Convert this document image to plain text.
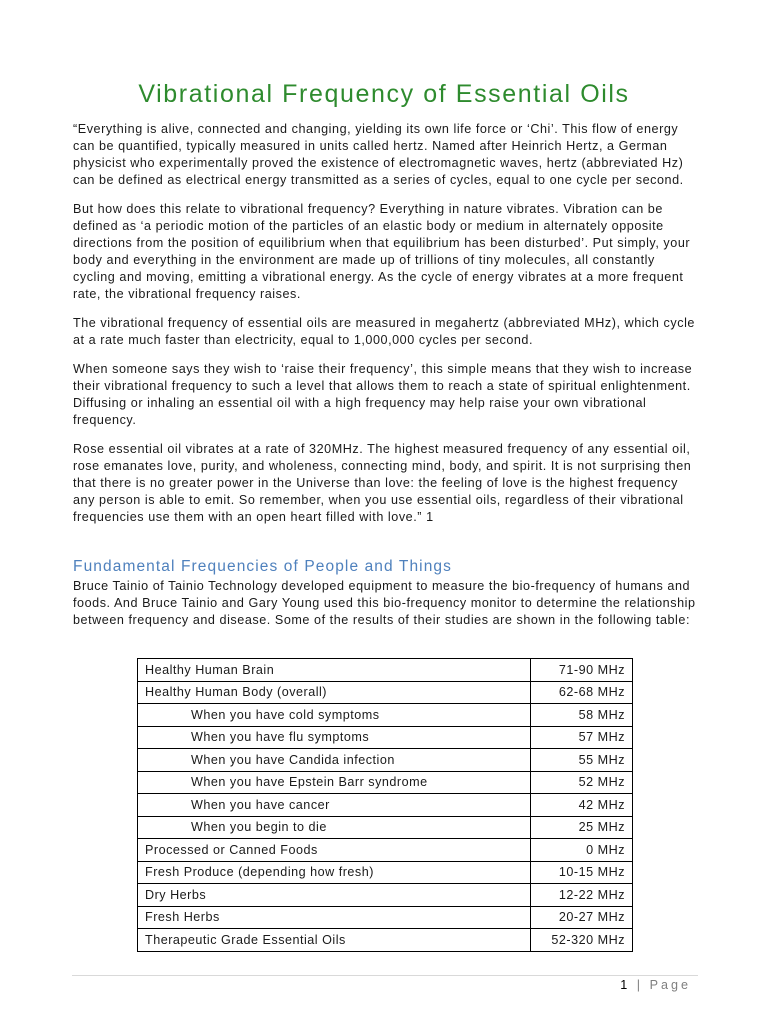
Vibrational Frequency of Essential Oils

“Everything is alive, connected and changing, yielding its own life force or ‘Chi’. This flow of energy can be quantified, typically measured in units called hertz. Named after Heinrich Hertz, a German physicist who experimentally proved the existence of electromagnetic waves, hertz (abbreviated Hz) can be defined as electrical energy transmitted as a series of cycles, equal to one cycle per second.

But how does this relate to vibrational frequency? Everything in nature vibrates. Vibration can be defined as ‘a periodic motion of the particles of an elastic body or medium in alternately opposite directions from the position of equilibrium when that equilibrium has been disturbed’. Put simply, your body and everything in the environment are made up of trillions of tiny molecules, all constantly cycling and moving, emitting a vibrational energy. As the cycle of energy vibrates at a more frequent rate, the vibrational frequency raises.

The vibrational frequency of essential oils are measured in megahertz (abbreviated MHz), which cycle at a rate much faster than electricity, equal to 1,000,000 cycles per second.

When someone says they wish to ‘raise their frequency’, this simple means that they wish to increase their vibrational frequency to such a level that allows them to reach a state of spiritual enlightenment. Diffusing or inhaling an essential oil with a high frequency may help raise your own vibrational frequency.

Rose essential oil vibrates at a rate of 320MHz. The highest measured frequency of any essential oil, rose emanates love, purity, and wholeness, connecting mind, body, and spirit. It is not surprising then that there is no greater power in the Universe than love: the feeling of love is the highest frequency any person is able to emit. So remember, when you use essential oils, regardless of their vibrational frequencies use them with an open heart filled with love.” 1

Fundamental Frequencies of People and Things

Bruce Tainio of Tainio Technology developed equipment to measure the bio-frequency of humans and foods. And Bruce Tainio and Gary Young used this bio-frequency monitor to determine the relationship between frequency and disease. Some of the results of their studies are shown in the following table:

Healthy Human Brain	71-90 MHz
Healthy Human Body (overall)	62-68 MHz
When you have cold symptoms	58 MHz
When you have flu symptoms	57 MHz
When you have Candida infection	55 MHz
When you have Epstein Barr syndrome	52 MHz
When you have cancer	42 MHz
When you begin to die	25 MHz
Processed or Canned Foods	0 MHz
Fresh Produce (depending how fresh)	10-15 MHz
Dry Herbs	12-22 MHz
Fresh Herbs	20-27 MHz
Therapeutic Grade Essential Oils	52-320 MHz
1 | Page
